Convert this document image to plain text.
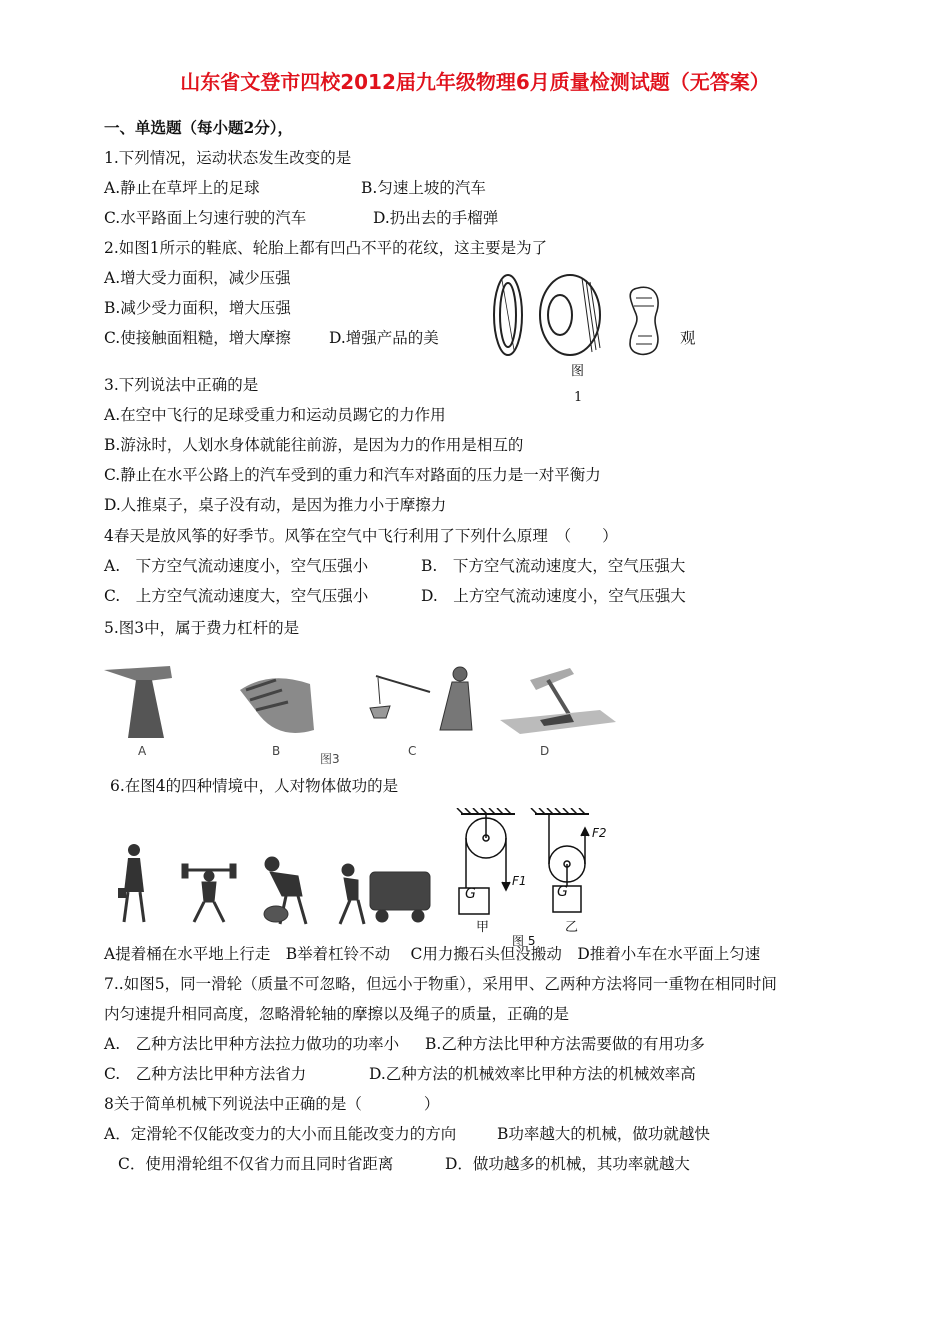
山东省文登市四校2012届九年级物理6月质量检测试题（无答案）
一、单选题（每小题2分），
1.下列情况，运动状态发生改变的是
A.静止在草坪上的足球	B.匀速上坡的汽车
C.水平路面上匀速行驶的汽车	D.扔出去的手榴弹
2.如图1所示的鞋底、轮胎上都有凹凸不平的花纹，这主要是为了
A.增大受力面积，减少压强
B.减少受力面积，增大压强
C.使接触面粗糙，增大摩擦 D.增强产品的美	观
图
1
3.下列说法中正确的是
A.在空中飞行的足球受重力和运动员踢它的力作用
B.游泳时，人划水身体就能往前游，是因为力的作用是相互的
C.静止在水平公路上的汽车受到的重力和汽车对路面的压力是一对平衡力
D.人推桌子，桌子没有动，是因为推力小于摩擦力
4春天是放风筝的好季节。风筝在空气中飞行利用了下列什么原理　（　　）
A.　下方空气流动速度小，空气压强小	B.　下方空气流动速度大，空气压强大
C.　上方空气流动速度大，空气压强小	D.　上方空气流动速度小，空气压强大
5.图3中，属于费力杠杆的是
A	B
图3
C	D
6.在图4的四种情境中，人对物体做功的是
G	G
F1
F2
甲	乙
图 5
A提着桶在水平地上行走　B举着杠铃不动　 C用力搬石头但没搬动　D推着小车在水平面上匀速
7..如图5，同一滑轮（质量不可忽略，但远小于物重），采用甲、乙两种方法将同一重物在相同时间
内匀速提升相同高度，忽略滑轮轴的摩擦以及绳子的质量，正确的是
A.　乙种方法比甲种方法拉力做功的功率小 B.乙种方法比甲种方法需要做的有用功多
C.　乙种方法比甲种方法省力	D.乙种方法的机械效率比甲种方法的机械效率高
8关于简单机械下列说法中正确的是（　　　　）
A．定滑轮不仅能改变力的大小而且能改变力的方向	B功率越大的机械，做功就越快
C．使用滑轮组不仅省力而且同时省距离	D．做功越多的机械，其功率就越大
